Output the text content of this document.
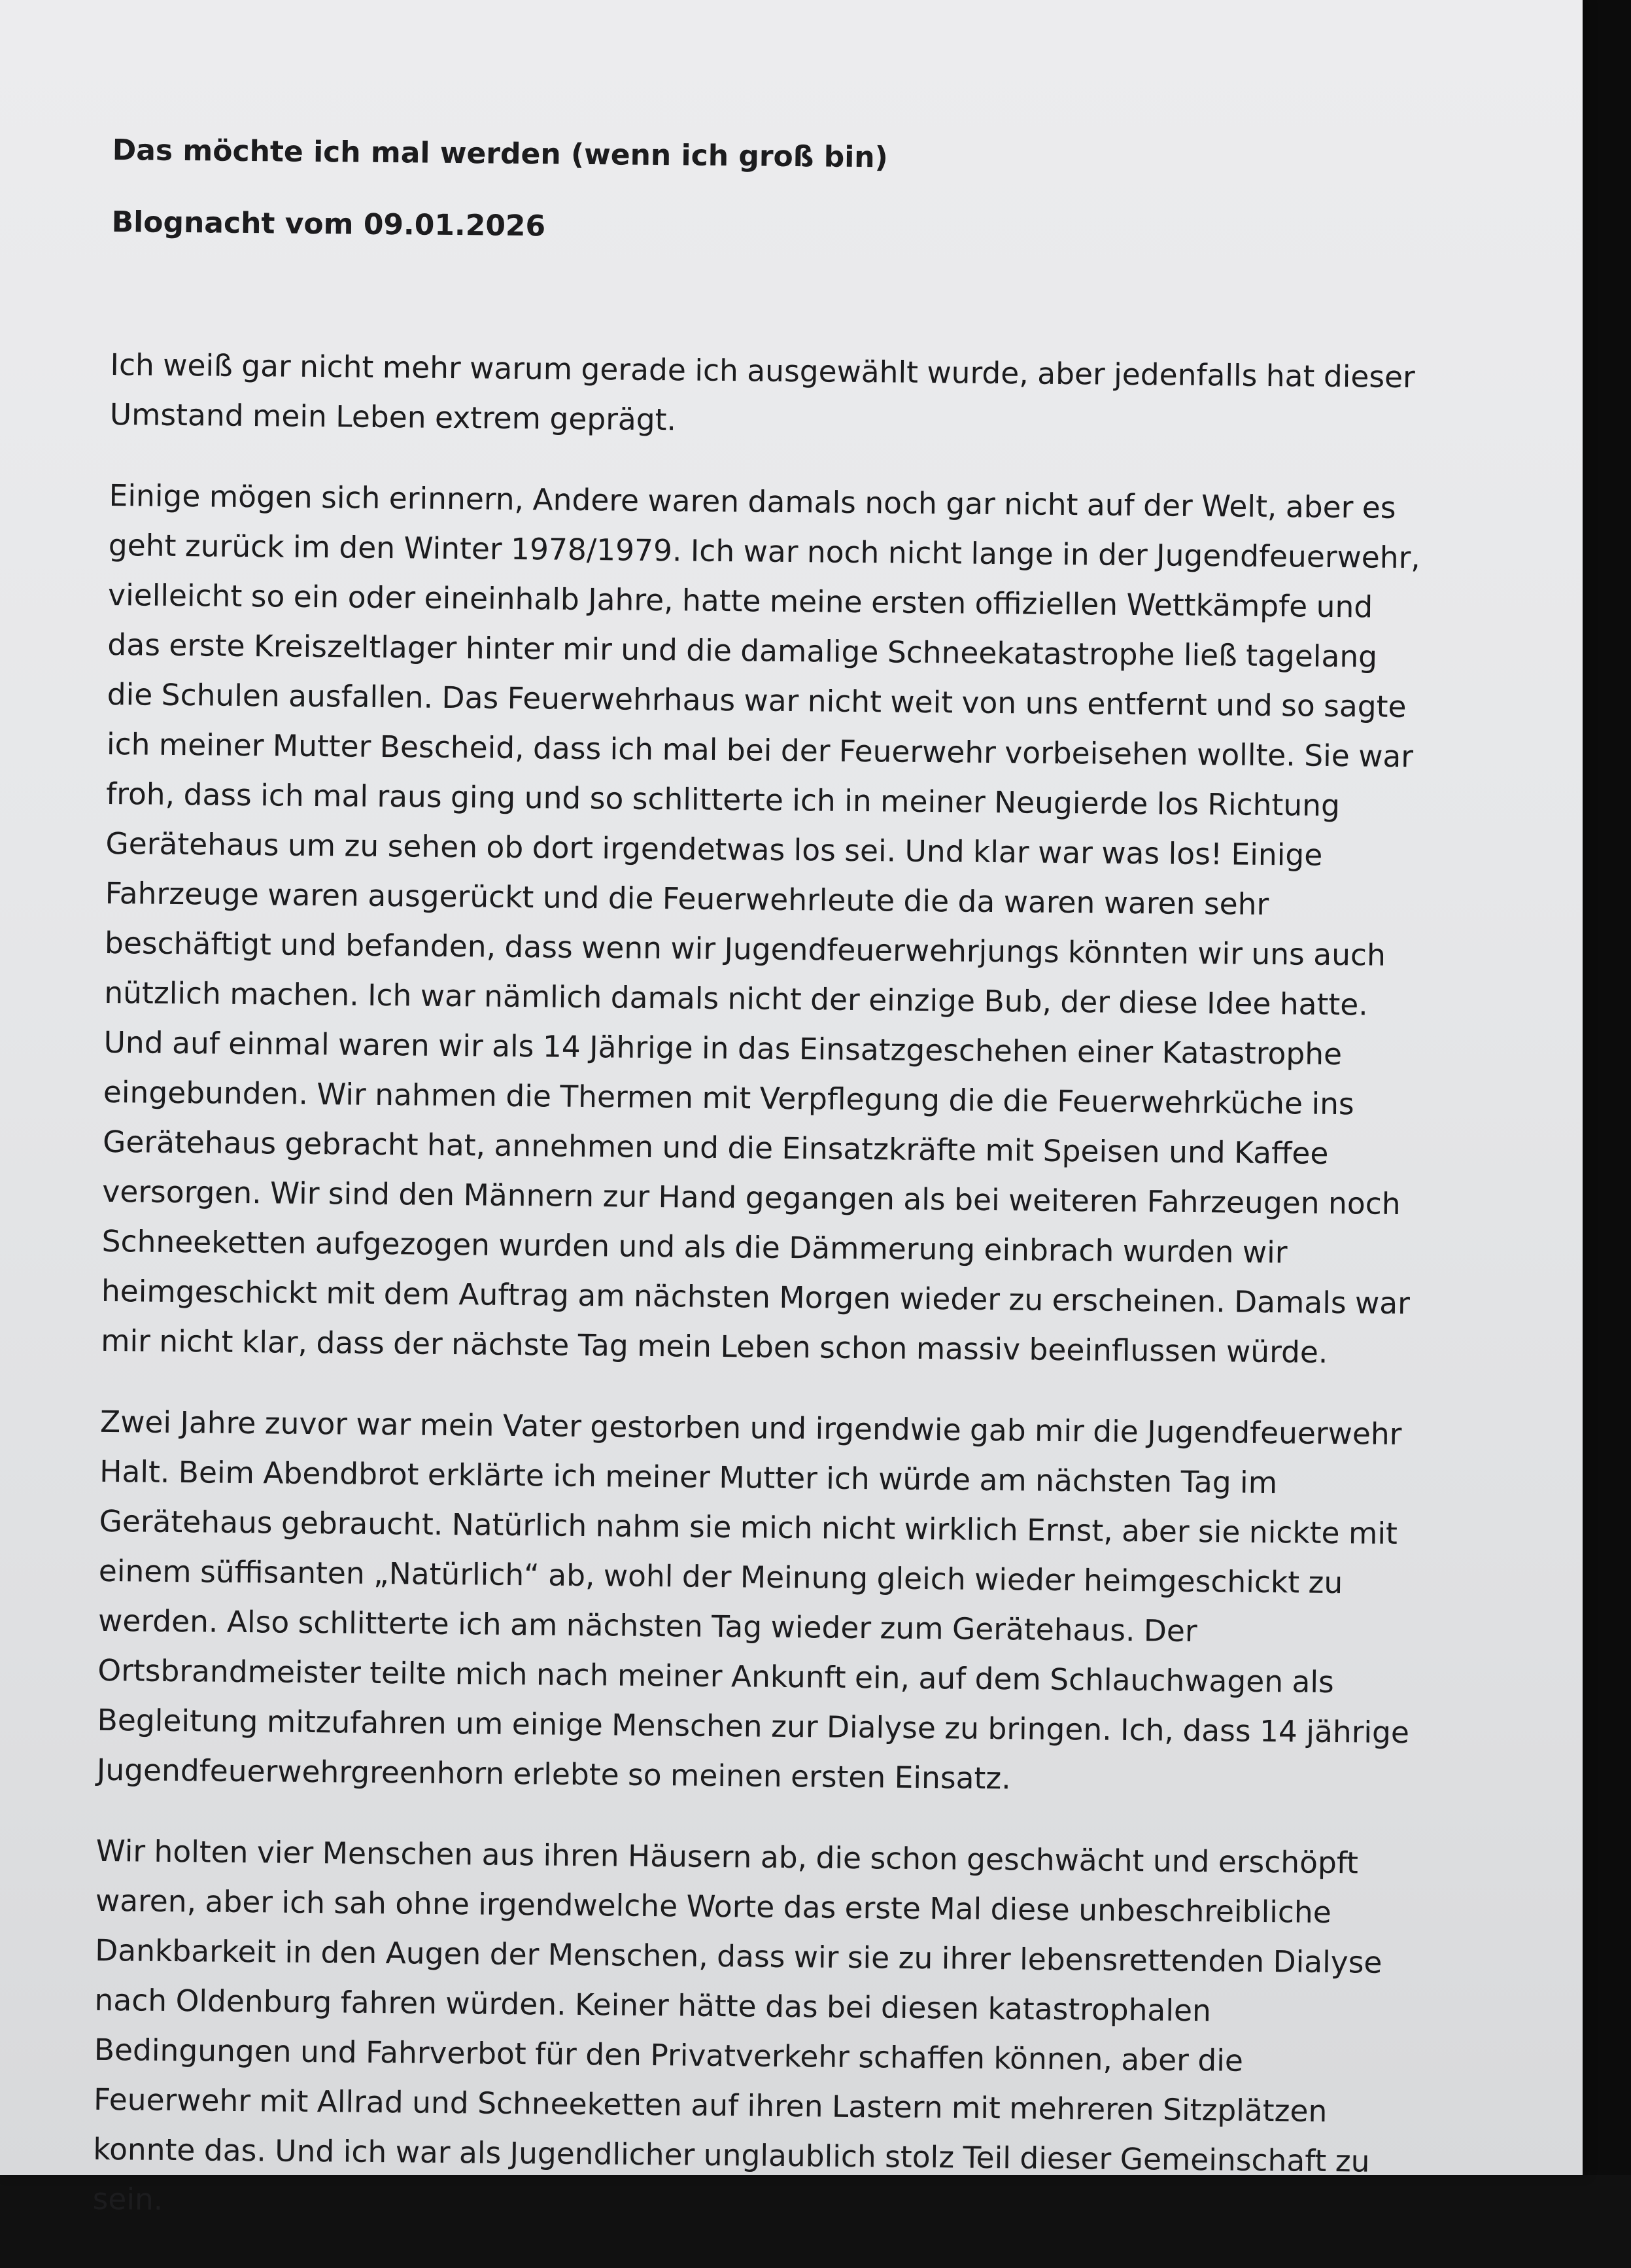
Das möchte ich mal werden (wenn ich groß bin)
Blognacht vom 09.01.2026

Ich weiß gar nicht mehr warum gerade ich ausgewählt wurde, aber jedenfalls hat dieser Umstand mein Leben extrem geprägt.

Einige mögen sich erinnern, Andere waren damals noch gar nicht auf der Welt, aber es geht zurück im den Winter 1978/1979. Ich war noch nicht lange in der Jugendfeuerwehr, vielleicht so ein oder eineinhalb Jahre, hatte meine ersten offiziellen Wettkämpfe und das erste Kreiszeltlager hinter mir und die damalige Schneekatastrophe ließ tagelang die Schulen ausfallen. Das Feuerwehrhaus war nicht weit von uns entfernt und so sagte ich meiner Mutter Bescheid, dass ich mal bei der Feuerwehr vorbeisehen wollte. Sie war froh, dass ich mal raus ging und so schlitterte ich in meiner Neugierde los Richtung Gerätehaus um zu sehen ob dort irgendetwas los sei. Und klar war was los! Einige Fahrzeuge waren ausgerückt und die Feuerwehrleute die da waren waren sehr beschäftigt und befanden, dass wenn wir Jugendfeuerwehrjungs könnten wir uns auch nützlich machen. Ich war nämlich damals nicht der einzige Bub, der diese Idee hatte. Und auf einmal waren wir als 14 Jährige in das Einsatzgeschehen einer Katastrophe eingebunden. Wir nahmen die Thermen mit Verpflegung die die Feuerwehrküche ins Gerätehaus gebracht hat, annehmen und die Einsatzkräfte mit Speisen und Kaffee versorgen. Wir sind den Männern zur Hand gegangen als bei weiteren Fahrzeugen noch Schneeketten aufgezogen wurden und als die Dämmerung einbrach wurden wir heimgeschickt mit dem Auftrag am nächsten Morgen wieder zu erscheinen. Damals war mir nicht klar, dass der nächste Tag mein Leben schon massiv beeinflussen würde.

Zwei Jahre zuvor war mein Vater gestorben und irgendwie gab mir die Jugendfeuerwehr Halt. Beim Abendbrot erklärte ich meiner Mutter ich würde am nächsten Tag im Gerätehaus gebraucht. Natürlich nahm sie mich nicht wirklich Ernst, aber sie nickte mit einem süffisanten „Natürlich“ ab, wohl der Meinung gleich wieder heimgeschickt zu werden. Also schlitterte ich am nächsten Tag wieder zum Gerätehaus. Der Ortsbrandmeister teilte mich nach meiner Ankunft ein, auf dem Schlauchwagen als Begleitung mitzufahren um einige Menschen zur Dialyse zu bringen. Ich, dass 14 jährige Jugendfeuerwehrgreenhorn erlebte so meinen ersten Einsatz.

Wir holten vier Menschen aus ihren Häusern ab, die schon geschwächt und erschöpft waren, aber ich sah ohne irgendwelche Worte das erste Mal diese unbeschreibliche Dankbarkeit in den Augen der Menschen, dass wir sie zu ihrer lebensrettenden Dialyse nach Oldenburg fahren würden. Keiner hätte das bei diesen katastrophalen Bedingungen und Fahrverbot für den Privatverkehr schaffen können, aber die Feuerwehr mit Allrad und Schneeketten auf ihren Lastern mit mehreren Sitzplätzen konnte das. Und ich war als Jugendlicher unglaublich stolz Teil dieser Gemeinschaft zu sein.
